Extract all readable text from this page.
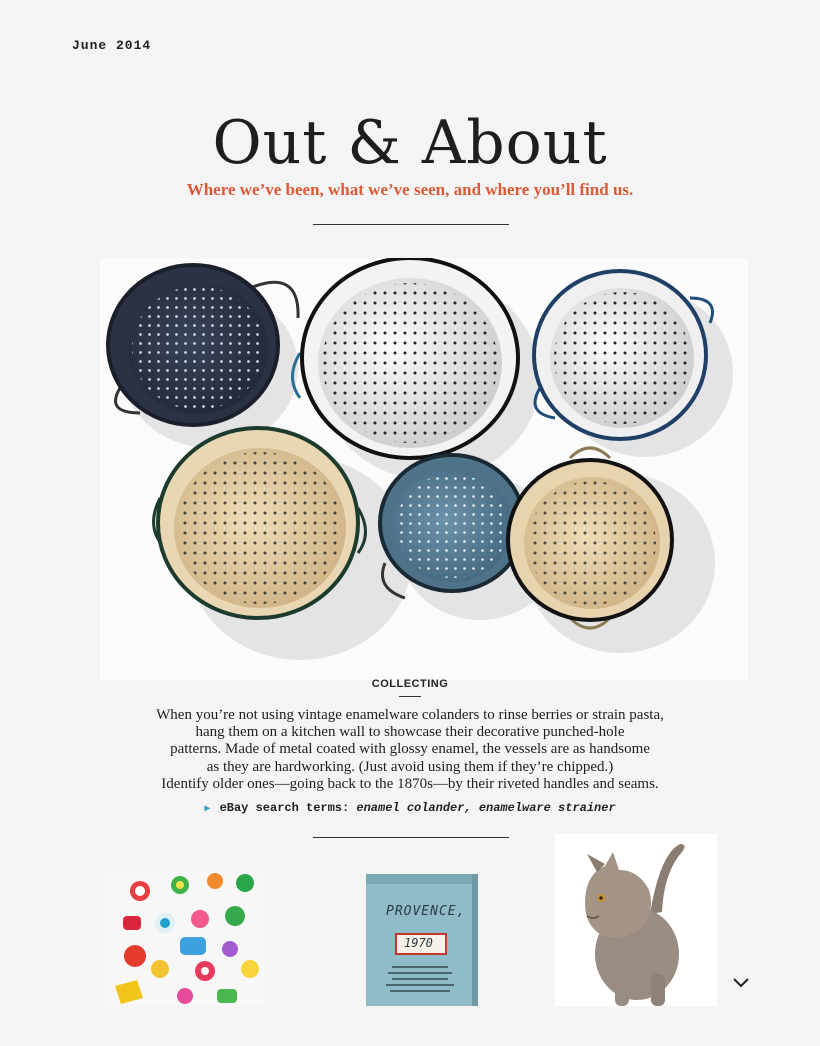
June 2014
Out & About
Where we’ve been, what we’ve seen, and where you’ll find us.
COLLECTING
When you’re not using vintage enamelware colanders to rinse berries or strain pasta,
hang them on a kitchen wall to showcase their decorative punched-hole
patterns. Made of metal coated with glossy enamel, the vessels are as handsome
as they are hardworking. (Just avoid using them if they’re chipped.)
Identify older ones—going back to the 1870s—by their riveted handles and seams.
▶ eBay search terms: enamel colander, enamelware strainer
PROVENCE,
1970
